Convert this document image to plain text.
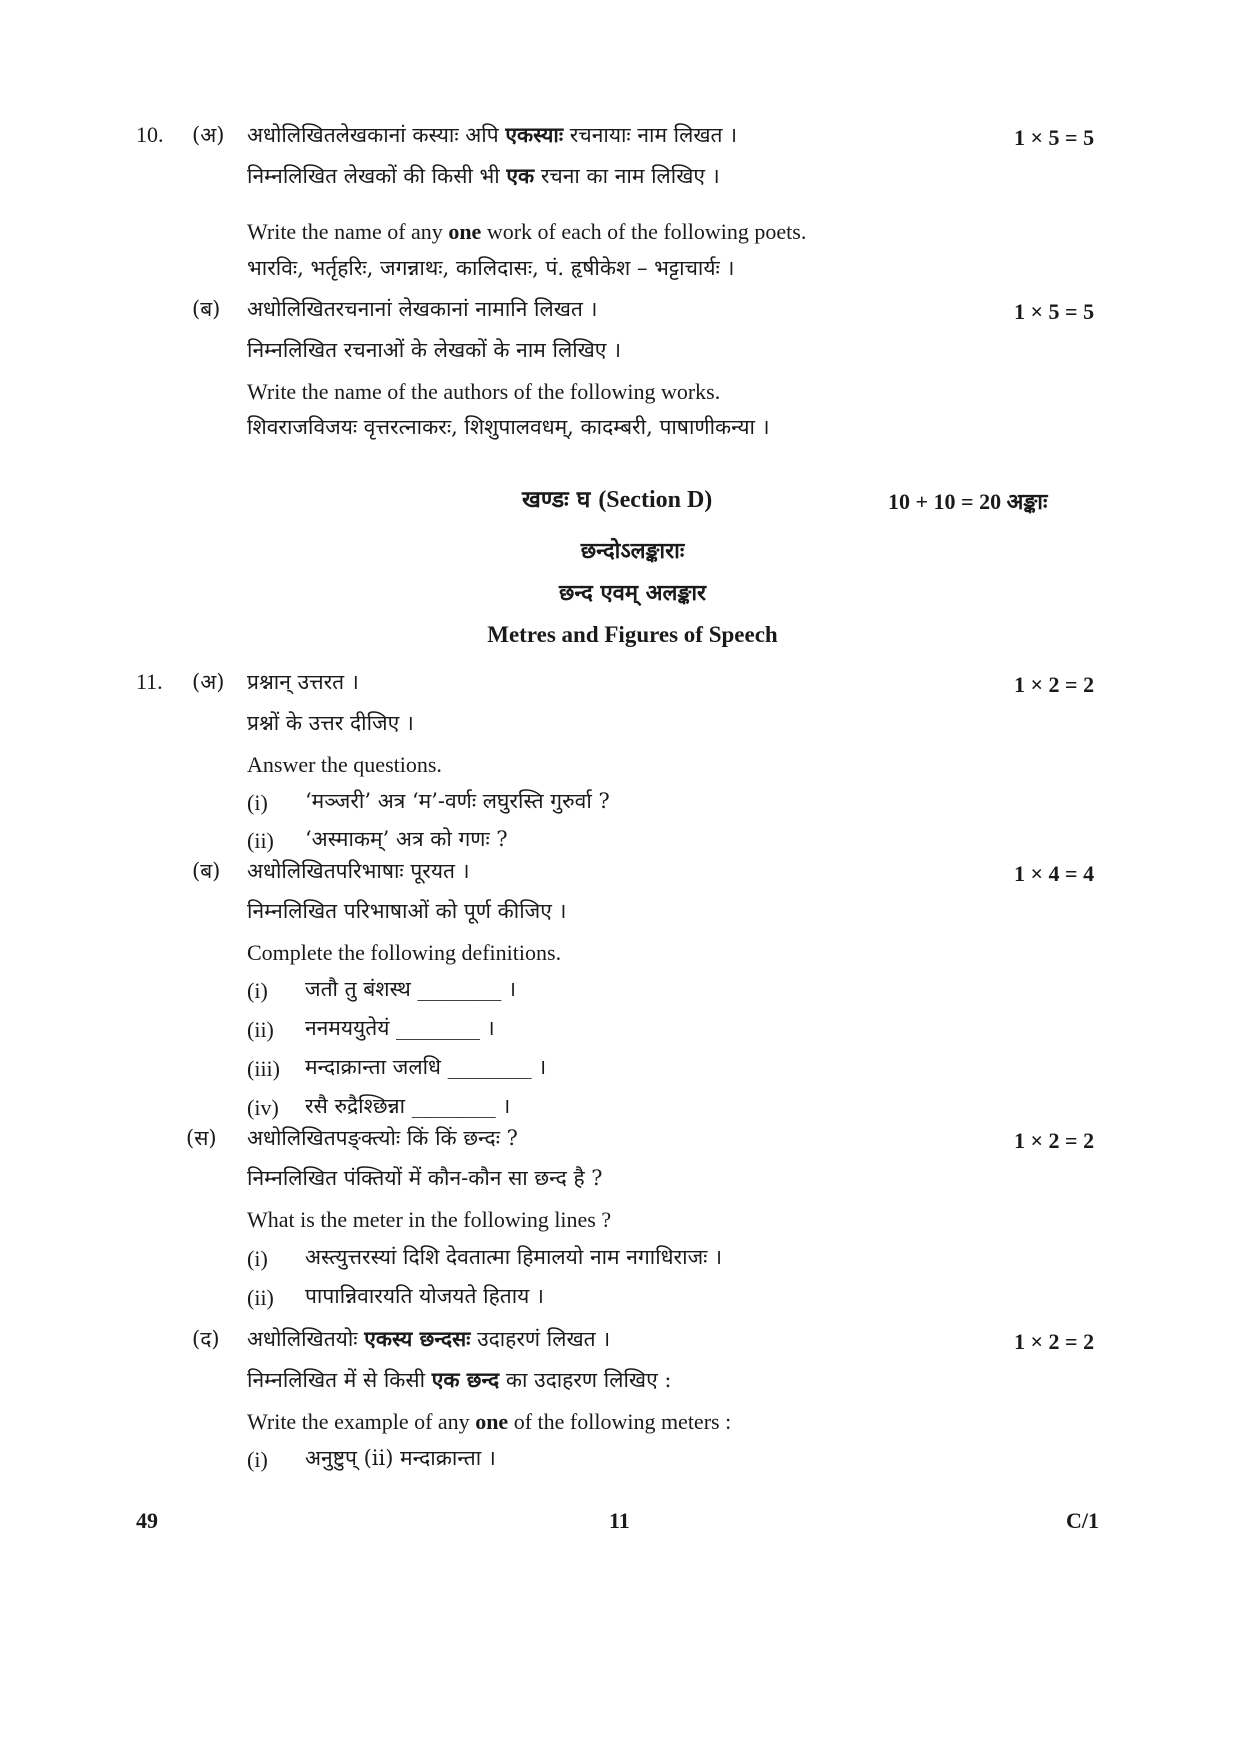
10. (अ) अधोलिखितलेखकानां कस्याः अपि एकस्याः रचनायाः नाम लिखत ।	1 × 5 = 5
निम्नलिखित लेखकों की किसी भी एक रचना का नाम लिखिए ।
Write the name of any one work of each of the following poets.
भारविः, भर्तृहरिः, जगन्नाथः, कालिदासः, पं. हृषीकेश – भट्टाचार्यः ।
(ब) अधोलिखितरचनानां लेखकानां नामानि लिखत ।	1 × 5 = 5
निम्नलिखित रचनाओं के लेखकों के नाम लिखिए ।
Write the name of the authors of the following works.
शिवराजविजयः वृत्तरत्नाकरः, शिशुपालवधम्, कादम्बरी, पाषाणीकन्या ।
खण्डः घ (Section D)	10 + 10 = 20 अङ्काः
छन्दोऽलङ्काराः
छन्द एवम् अलङ्कार
Metres and Figures of Speech
11. (अ) प्रश्नान् उत्तरत ।	1 × 2 = 2
प्रश्नों के उत्तर दीजिए ।
Answer the questions.
(i) ‘मञ्जरी’ अत्र ‘म’-वर्णः लघुरस्ति गुरुर्वा ?
(ii) ‘अस्माकम्’ अत्र को गणः ?
(ब) अधोलिखितपरिभाषाः पूरयत ।	1 × 4 = 4
निम्नलिखित परिभाषाओं को पूर्ण कीजिए ।
Complete the following definitions.
(i) जतौ तु बंशस्थ ________ ।
(ii) ननमययुतेयं ________ ।
(iii) मन्दाक्रान्ता जलधि ________ ।
(iv) रसै रुद्रैश्छिन्ना ________ ।
(स) अधोलिखितपङ्क्त्योः किं किं छन्दः ?	1 × 2 = 2
निम्नलिखित पंक्तियों में कौन-कौन सा छन्द है ?
What is the meter in the following lines ?
(i) अस्त्युत्तरस्यां दिशि देवतात्मा हिमालयो नाम नगाधिराजः ।
(ii) पापान्निवारयति योजयते हिताय ।
(द) अधोलिखितयोः एकस्य छन्दसः उदाहरणं लिखत ।	1 × 2 = 2
निम्नलिखित में से किसी एक छन्द का उदाहरण लिखिए :
Write the example of any one of the following meters :
(i) अनुष्टुप् (ii) मन्दाक्रान्ता ।
49	11	C/1
